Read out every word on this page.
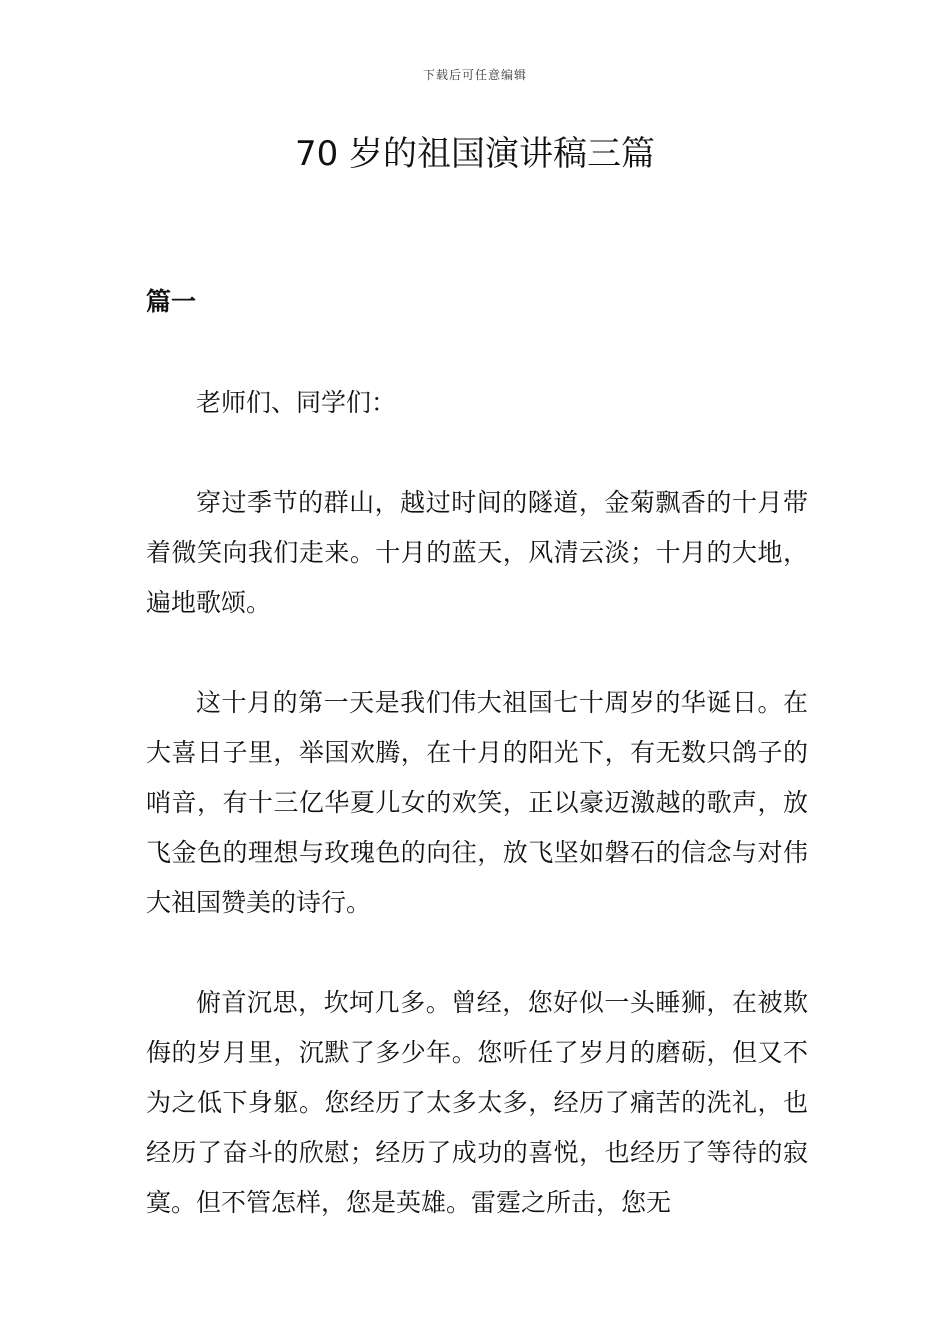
下载后可任意编辑
70 岁的祖国演讲稿三篇
篇一

老师们、同学们：

穿过季节的群山，越过时间的隧道，金菊飘香的十月带着微笑向我们走来。十月的蓝天，风清云淡；十月的大地，遍地歌颂。

这十月的第一天是我们伟大祖国七十周岁的华诞日。在大喜日子里，举国欢腾，在十月的阳光下，有无数只鸽子的哨音，有十三亿华夏儿女的欢笑，正以豪迈激越的歌声，放飞金色的理想与玫瑰色的向往，放飞坚如磐石的信念与对伟大祖国赞美的诗行。

俯首沉思，坎坷几多。曾经，您好似一头睡狮，在被欺侮的岁月里，沉默了多少年。您听任了岁月的磨砺，但又不为之低下身躯。您经历了太多太多，经历了痛苦的洗礼，也经历了奋斗的欣慰；经历了成功的喜悦，也经历了等待的寂寞。但不管怎样，您是英雄。雷霆之所击，您无
